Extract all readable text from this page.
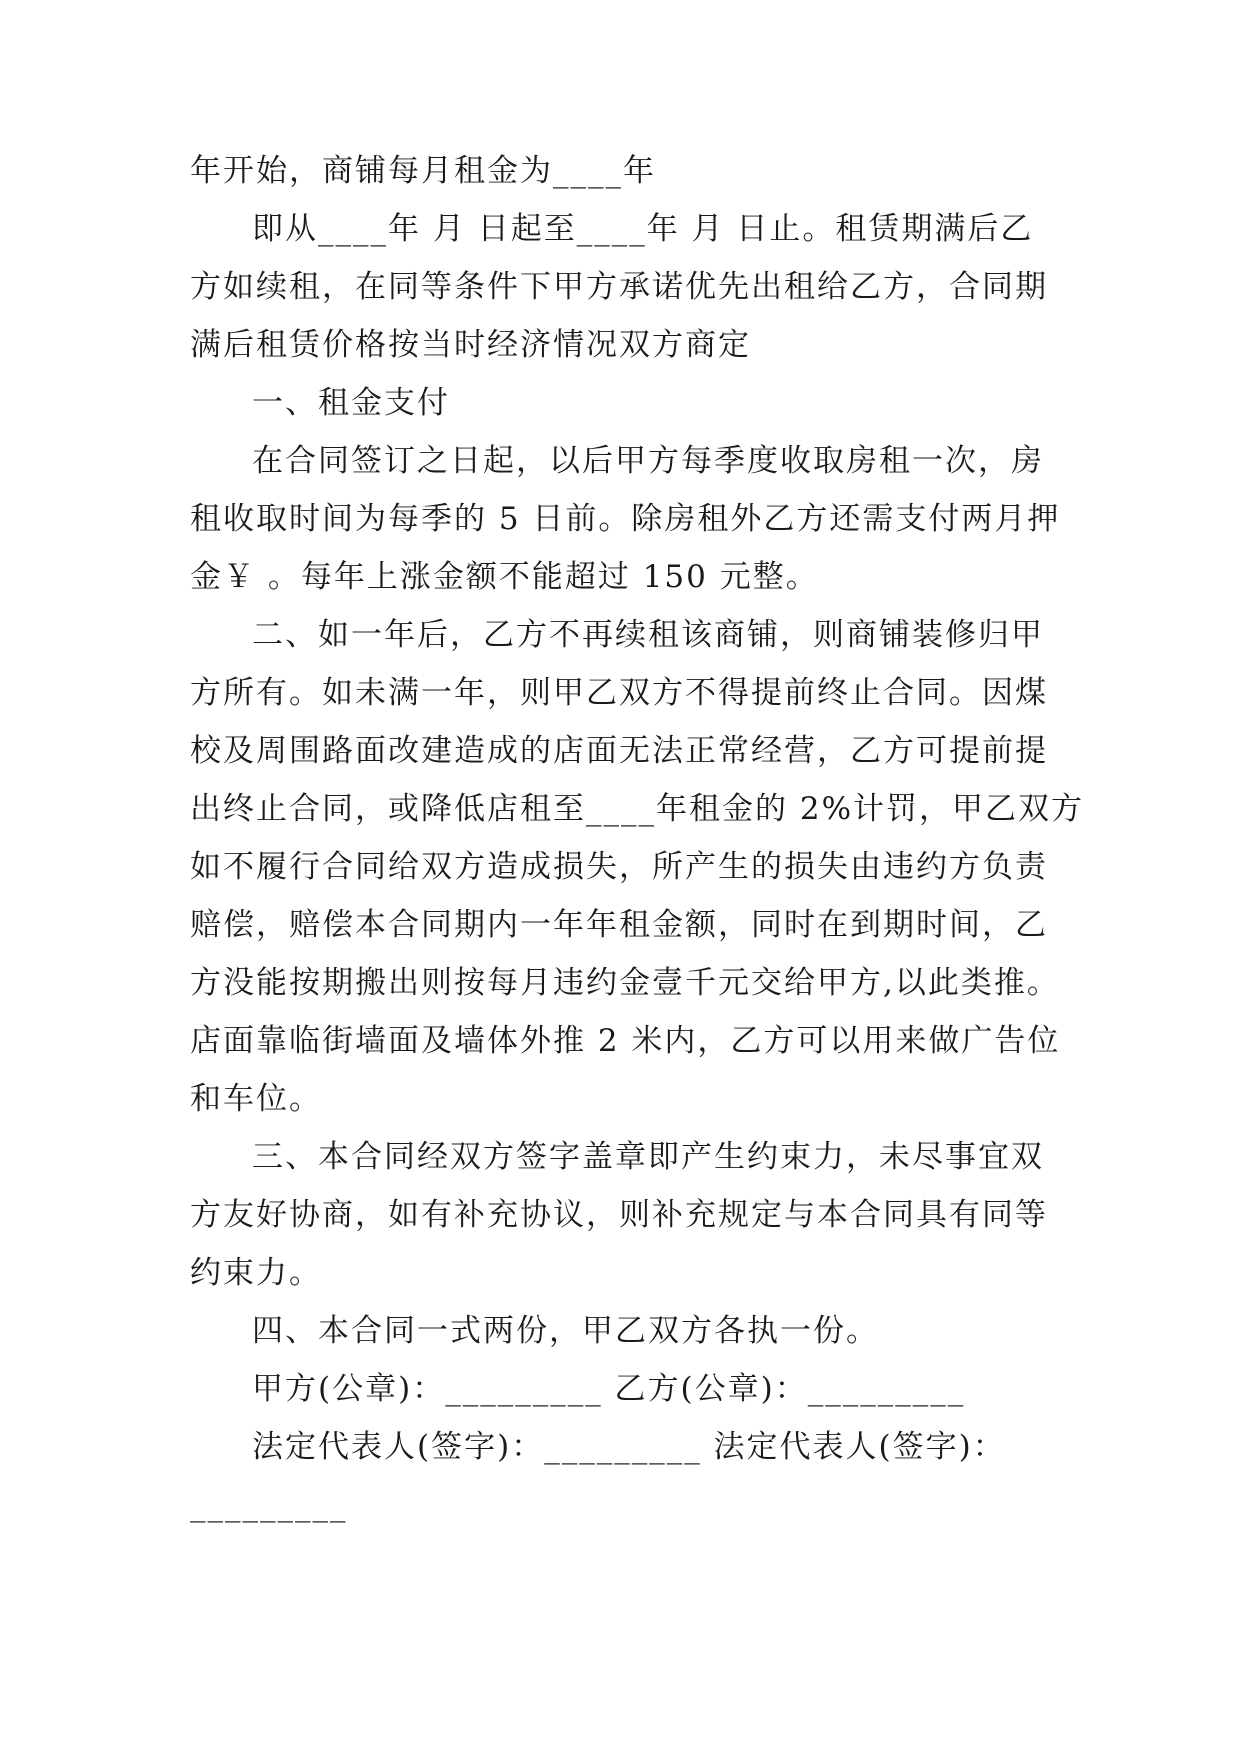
年开始，商铺每月租金为____年
即从____年 月 日起至____年 月 日止。租赁期满后乙
方如续租，在同等条件下甲方承诺优先出租给乙方，合同期
满后租赁价格按当时经济情况双方商定
一、租金支付
在合同签订之日起，以后甲方每季度收取房租一次，房
租收取时间为每季的 5 日前。除房租外乙方还需支付两月押
金￥ 。每年上涨金额不能超过 150 元整。
二、如一年后，乙方不再续租该商铺，则商铺装修归甲
方所有。如未满一年，则甲乙双方不得提前终止合同。因煤
校及周围路面改建造成的店面无法正常经营，乙方可提前提
出终止合同，或降低店租至____年租金的 2%计罚，甲乙双方
如不履行合同给双方造成损失，所产生的损失由违约方负责
赔偿，赔偿本合同期内一年年租金额，同时在到期时间，乙
方没能按期搬出则按每月违约金壹千元交给甲方,以此类推。
店面靠临街墙面及墙体外推 2 米内，乙方可以用来做广告位
和车位。
三、本合同经双方签字盖章即产生约束力，未尽事宜双
方友好协商，如有补充协议，则补充规定与本合同具有同等
约束力。
四、本合同一式两份，甲乙双方各执一份。
甲方(公章)：_________ 乙方(公章)：_________
法定代表人(签字)：_________ 法定代表人(签字)：
_________
